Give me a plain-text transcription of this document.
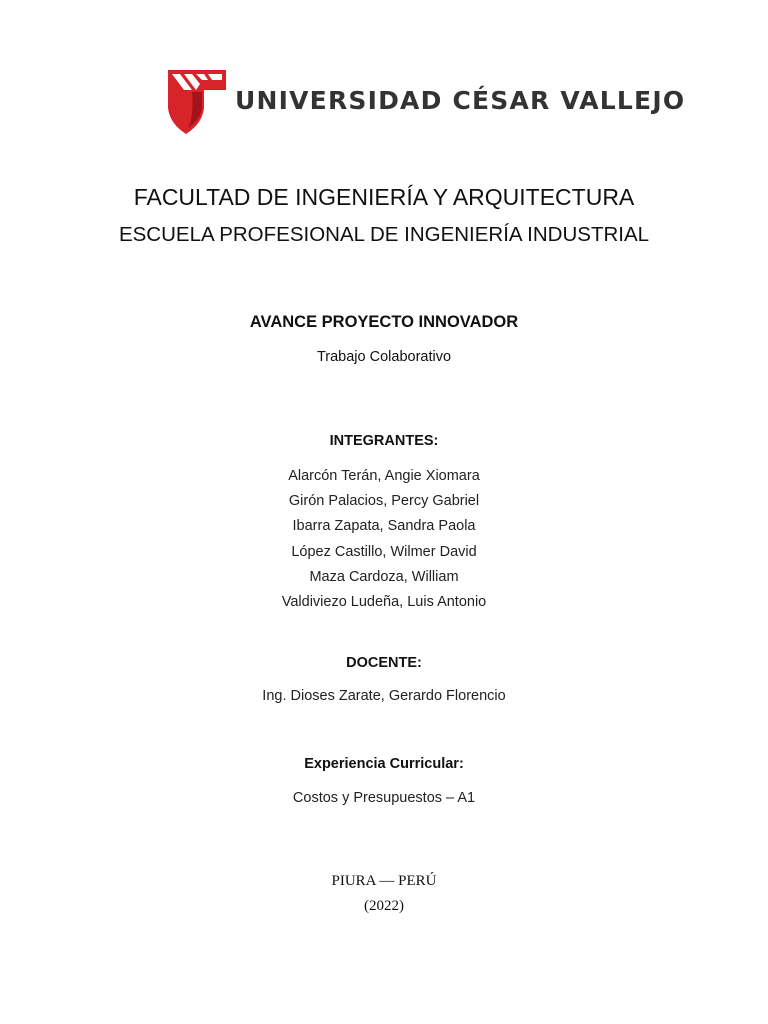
UNIVERSIDAD CÉSAR VALLEJO
FACULTAD DE INGENIERÍA Y ARQUITECTURA
ESCUELA PROFESIONAL DE INGENIERÍA INDUSTRIAL
AVANCE PROYECTO INNOVADOR
Trabajo Colaborativo
INTEGRANTES:
Alarcón Terán, Angie Xiomara
Girón Palacios, Percy Gabriel
Ibarra Zapata, Sandra Paola
López Castillo, Wilmer David
Maza Cardoza, William
Valdiviezo Ludeña, Luis Antonio
DOCENTE:
Ing. Dioses Zarate, Gerardo Florencio
Experiencia Curricular:
Costos y Presupuestos – A1
PIURA — PERÚ
(2022)
